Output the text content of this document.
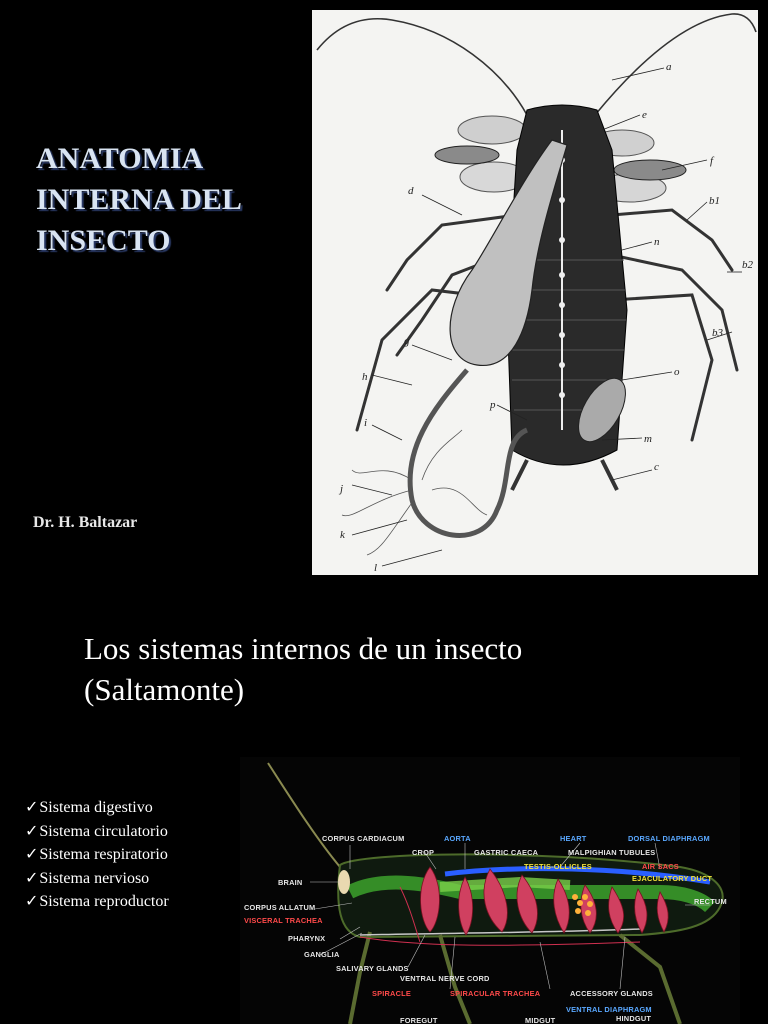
ANATOMIA
INTERNA DEL
INSECTO
Dr. H. Baltazar
a
e
f
b1
d
n
b2
b3
g
o
h
p
i
m
c
j
k
l
Los sistemas internos de un insecto
(Saltamonte)
✓Sistema digestivo
✓Sistema circulatorio
✓Sistema respiratorio
✓Sistema nervioso
✓Sistema reproductor
CORPUS CARDIACUM	AORTA	HEART	DORSAL DIAPHRAGM
CROP	GASTRIC CAECA	MALPIGHIAN TUBULES
TESTIS-OLLICLES	AIR SACS
BRAIN	EJACULATORY DUCT
CORPUS ALLATUM
RECTUM
VISCERAL TRACHEA
PHARYNX
GANGLIA
SALIVARY GLANDS
VENTRAL NERVE CORD
SPIRACLE	SPIRACULAR TRACHEA	ACCESSORY GLANDS
VENTRAL DIAPHRAGM
FOREGUT	MIDGUT	HINDGUT
